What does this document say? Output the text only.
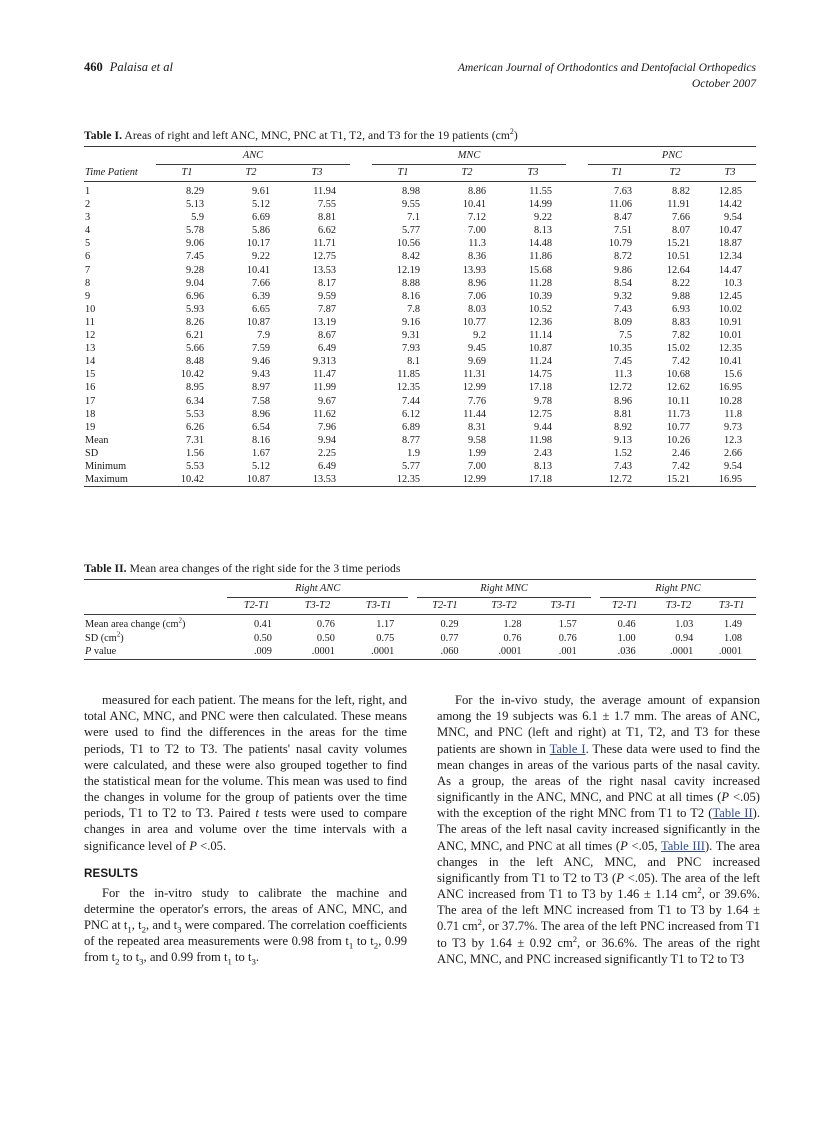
460 Palaisa et al	American Journal of Orthodontics and Dentofacial Orthopedics
October 2007
Table I. Areas of right and left ANC, MNC, PNC at T1, T2, and T3 for the 19 patients $(cm^2)$

	ANC				MNC				PNC		

Time Patient	T1	T2	T3		T1	T2	T3		T1	T2	T3

1	8.29	9.61	11.94		8.98	8.86	11.55		7.63	8.82	12.85
2	5.13	5.12	7.55		9.55	10.41	14.99		11.06	11.91	14.42
3	5.9	6.69	8.81		7.1	7.12	9.22		8.47	7.66	9.54
4	5.78	5.86	6.62		5.77	7.00	8.13		7.51	8.07	10.47
5	9.06	10.17	11.71		10.56	11.3	14.48		10.79	15.21	18.87
6	7.45	9.22	12.75		8.42	8.36	11.86		8.72	10.51	12.34
7	9.28	10.41	13.53		12.19	13.93	15.68		9.86	12.64	14.47
8	9.04	7.66	8.17		8.88	8.96	11.28		8.54	8.22	10.3
9	6.96	6.39	9.59		8.16	7.06	10.39		9.32	9.88	12.45
10	5.93	6.65	7.87		7.8	8.03	10.52		7.43	6.93	10.02
11	8.26	10.87	13.19		9.16	10.77	12.36		8.09	8.83	10.91
12	6.21	7.9	8.67		9.31	9.2	11.14		7.5	7.82	10.01
13	5.66	7.59	6.49		7.93	9.45	10.87		10.35	15.02	12.35
14	8.48	9.46	9.313		8.1	9.69	11.24		7.45	7.42	10.41
15	10.42	9.43	11.47		11.85	11.31	14.75		11.3	10.68	15.6
16	8.95	8.97	11.99		12.35	12.99	17.18		12.72	12.62	16.95
17	6.34	7.58	9.67		7.44	7.76	9.78		8.96	10.11	10.28
18	5.53	8.96	11.62		6.12	11.44	12.75		8.81	11.73	11.8
19	6.26	6.54	7.96		6.89	8.31	9.44		8.92	10.77	9.73
Mean	7.31	8.16	9.94		8.77	9.58	11.98		9.13	10.26	12.3
SD	1.56	1.67	2.25		1.9	1.99	2.43		1.52	2.46	2.66
Minimum	5.53	5.12	6.49		5.77	7.00	8.13		7.43	7.42	9.54
Maximum	10.42	10.87	13.53		12.35	12.99	17.18		12.72	15.21	16.95

Table II. Mean area changes of the right side for the 3 time periods

	Right ANC				Right MNC				Right PNC		

	T2-T1	T3-T2	T3-T1		T2-T1	T3-T2	T3-T1		T2-T1	T3-T2	T3-T1

Mean area change $(cm^2)$	0.41	0.76	1.17		0.29	1.28	1.57		0.46	1.03	1.49
SD $(cm^2)$	0.50	0.50	0.75		0.77	0.76	0.76		1.00	0.94	1.08
P value	.009	.0001	.0001		.060	.0001	.001		.036	.0001	.0001

measured for each patient. The means for the left, right, and total ANC, MNC, and PNC were then calculated. These means were used to find the differences in the areas for the time periods, T1 to T2 to T3. The patients' nasal cavity volumes were calculated, and these were also grouped together to find the statistical mean for the volume. This mean was used to find the changes in volume for the group of patients over the time periods, T1 to T2 to T3. Paired t tests were used to compare changes in area and volume over the time intervals with a significance level of P <.05.

RESULTS

For the in-vitro study to calibrate the machine and determine the operator's errors, the areas of ANC, MNC, and PNC at $t_1$, $t_2$, and $t_3$ were compared. The correlation coefficients of the repeated area measurements were 0.98 from $t_1$ to $t_2$, 0.99 from $t_2$ to $t_3$, and 0.99 from $t_1$ to $t_3$.

For the in-vivo study, the average amount of expansion among the 19 subjects was 6.1 ± 1.7 mm. The areas of ANC, MNC, and PNC (left and right) at T1, T2, and T3 for these patients are shown in Table I. These data were used to find the mean changes in areas of the various parts of the nasal cavity. As a group, the areas of the right nasal cavity increased significantly in the ANC, MNC, and PNC at all times (P <.05) with the exception of the right MNC from T1 to T2 (Table II). The areas of the left nasal cavity increased significantly in the ANC, MNC, and PNC at all times (P <.05, Table III). The area changes in the left ANC, MNC, and PNC increased significantly from T1 to T2 to T3 (P <.05). The area of the left ANC increased from T1 to T3 by 1.46 ± 1.14 $cm^2$, or 39.6%. The area of the left MNC increased from T1 to T3 by 1.64 ± 0.71 $cm^2$, or 37.7%. The area of the left PNC increased from T1 to T3 by 1.64 ± 0.92 $cm^2$, or 36.6%. The areas of the right ANC, MNC, and PNC increased significantly T1 to T2 to T3
